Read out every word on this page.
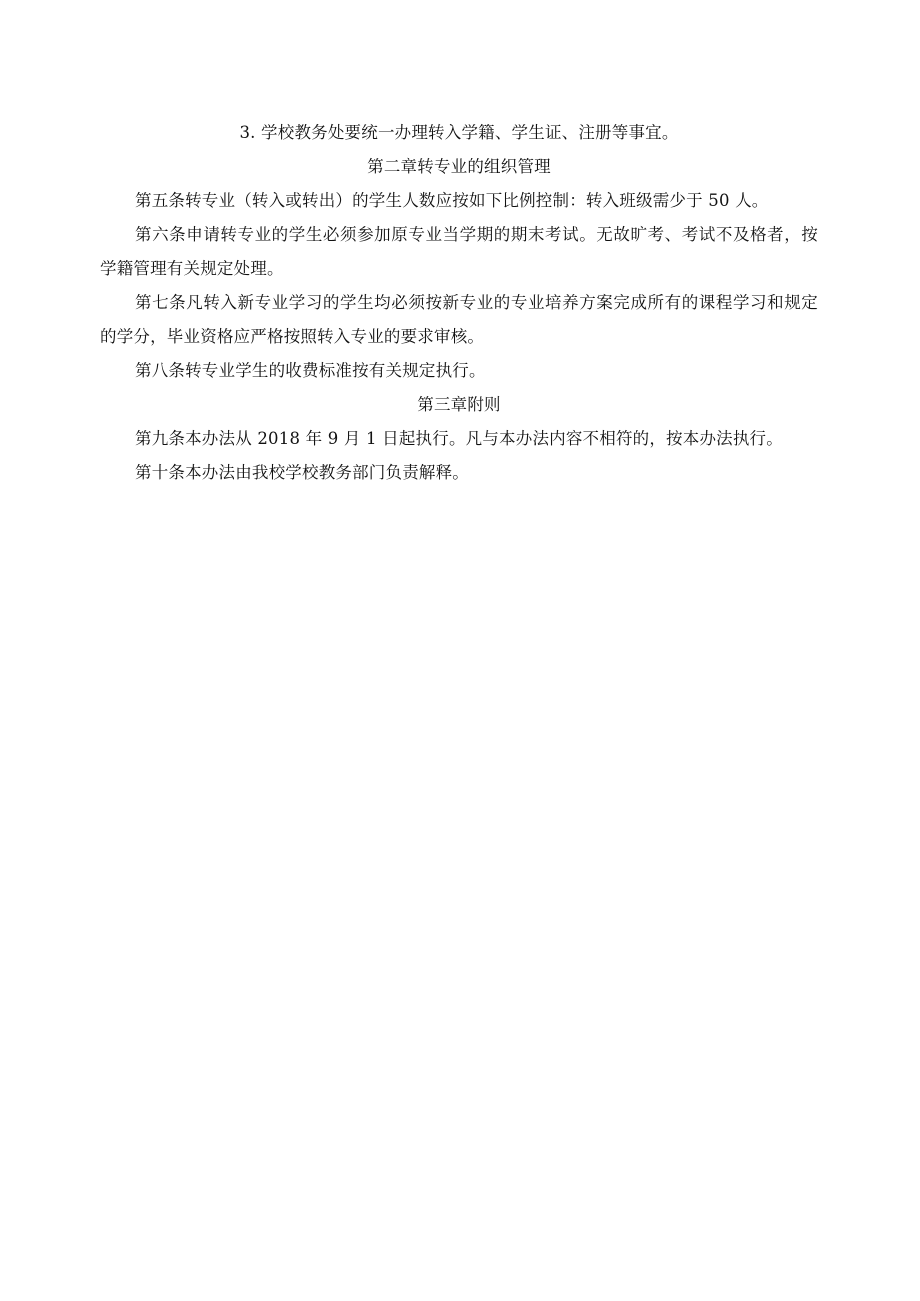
3. 学校教务处要统一办理转入学籍、学生证、注册等事宜。
第二章转专业的组织管理
第五条转专业（转入或转出）的学生人数应按如下比例控制：转入班级需少于 50 人。
第六条申请转专业的学生必须参加原专业当学期的期末考试。无故旷考、考试不及格者，按
学籍管理有关规定处理。
第七条凡转入新专业学习的学生均必须按新专业的专业培养方案完成所有的课程学习和规定
的学分，毕业资格应严格按照转入专业的要求审核。
第八条转专业学生的收费标准按有关规定执行。
第三章附则
第九条本办法从 2018 年 9 月 1 日起执行。凡与本办法内容不相符的，按本办法执行。
第十条本办法由我校学校教务部门负责解释。
